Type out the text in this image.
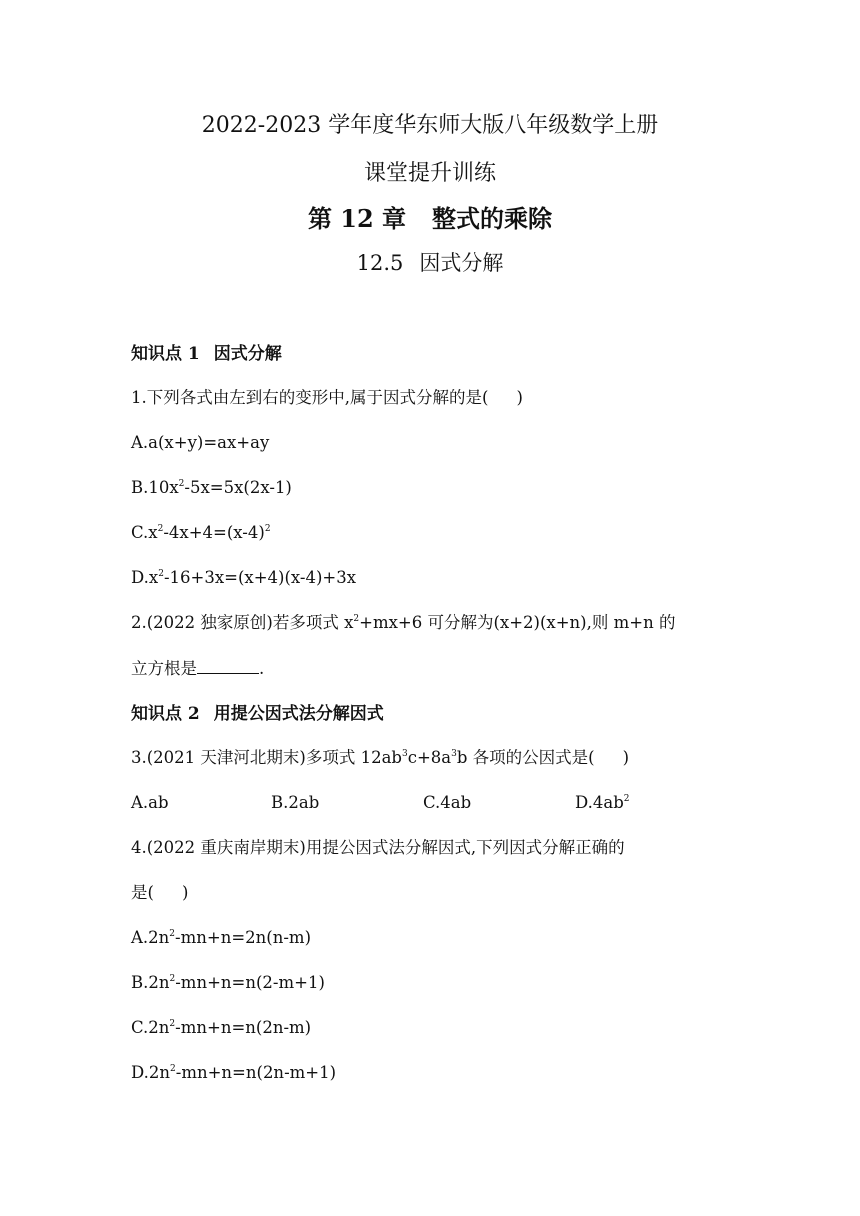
2022-2023 学年度华东师大版八年级数学上册
课堂提升训练
第 12 章 整式的乘除
12.5 因式分解
知识点 1 因式分解
1.下列各式由左到右的变形中,属于因式分解的是( )
A.a(x+y)=ax+ay
$B.10x^2-5x=5x(2x-1)$
$C.x^2-4x+4=(x-4)^2$
$D.x^2-16+3x=(x+4)(x-4)+3x$
2.(2022 独家原创)若多项式 $x^2+mx+6$ 可分解为(x+2)(x+n),则 m+n 的
立方根是	.
知识点 2 用提公因式法分解因式
3.(2021 天津河北期末)多项式 $12ab^3c+8a^3b$ 各项的公因式是( )
A.ab	B.2ab	C.4ab	$D.4ab^2$
4.(2022 重庆南岸期末)用提公因式法分解因式,下列因式分解正确的
是( )
$A.2n^2-mn+n=2n(n-m)$
$B.2n^2-mn+n=n(2-m+1)$
$C.2n^2-mn+n=n(2n-m)$
$D.2n^2-mn+n=n(2n-m+1)$
